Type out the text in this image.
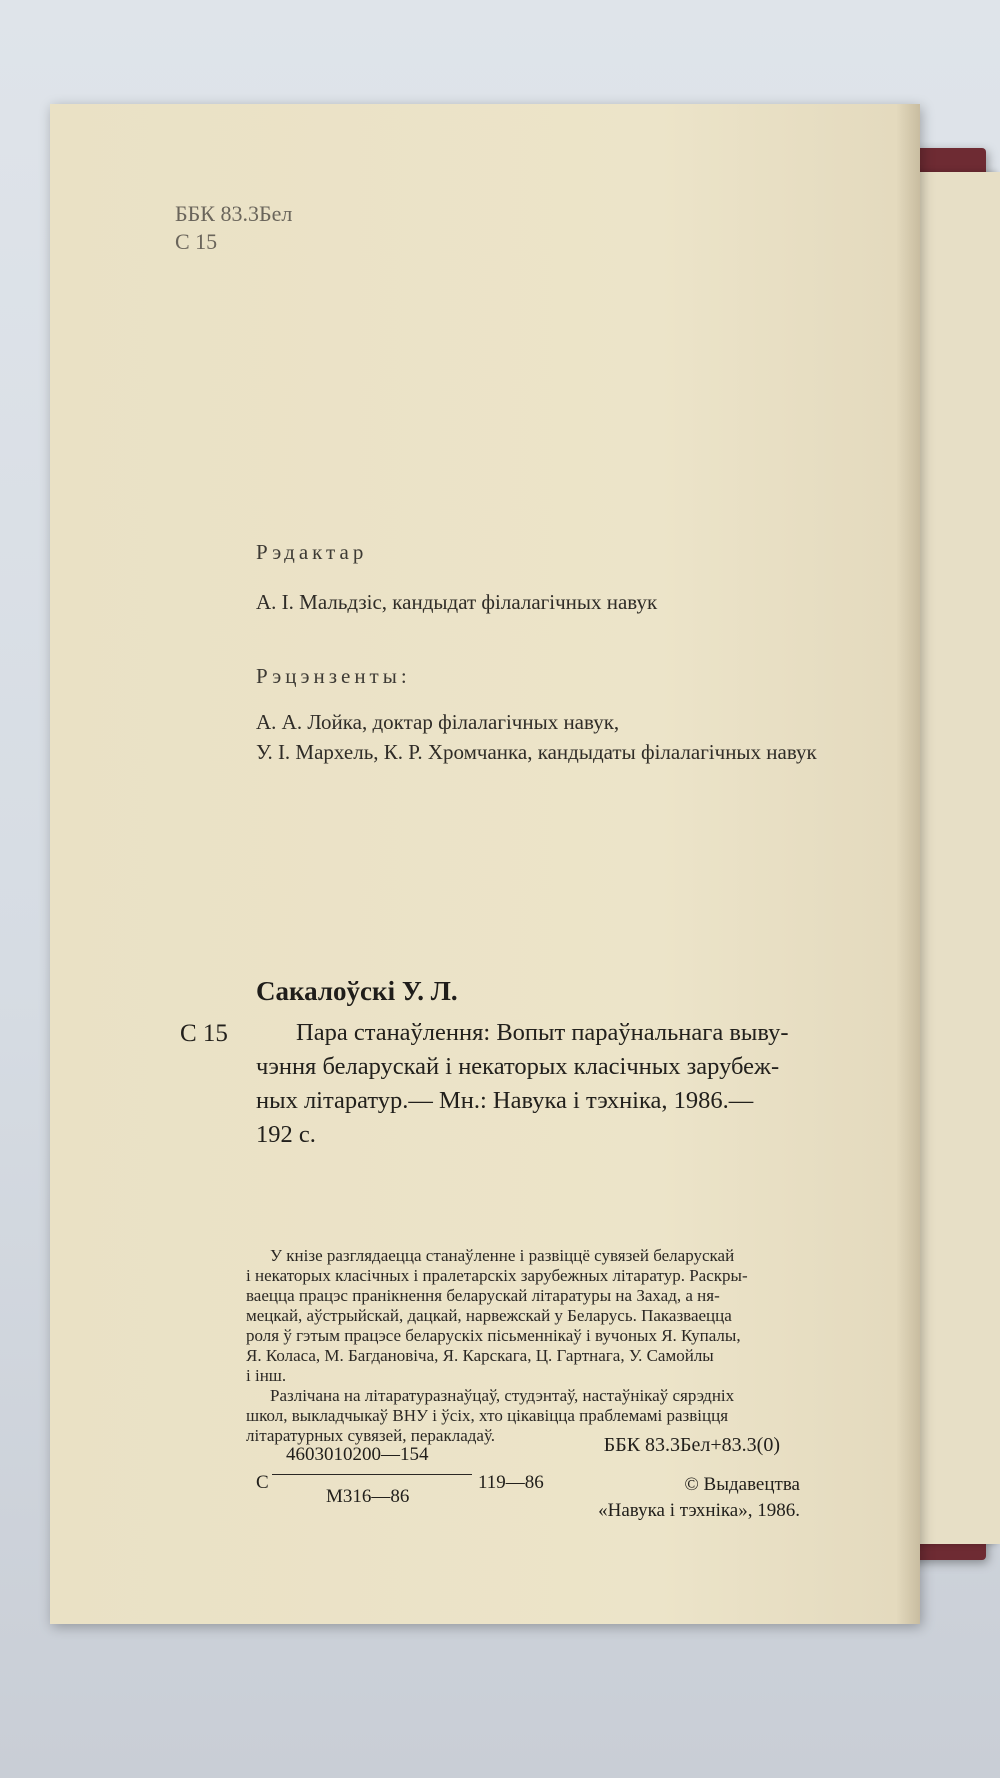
ББК 83.3Бел
С 15
Рэдактар
А. І. Мальдзіс, кандыдат філалагічных навук
Рэцэнзенты:
А. А. Лойка, доктар філалагічных навук,
У. І. Мархель, К. Р. Хромчанка, кандыдаты філалагічных навук
Сакалоўскі У. Л.
С 15	Пара станаўлення: Вопыт параўнальнага выву-
чэння беларускай і некаторых класічных зарубеж-
ных літаратур.— Мн.: Навука і тэхніка, 1986.—
192 с.
У кнізе разглядаецца станаўленне і развіццё сувязей беларускай
і некаторых класічных і пралетарскіх зарубежных літаратур. Раскры-
ваецца працэс пранікнення беларускай літаратуры на Захад, а ня-
мецкай, аўстрыйскай, дацкай, нарвежскай у Беларусь. Паказваецца
роля ў гэтым працэсе беларускіх пісьменнікаў і вучоных Я. Купалы,
Я. Коласа, М. Багдановіча, Я. Карскага, Ц. Гартнага, У. Самойлы
і інш.
Разлічана на літаратуразнаўцаў, студэнтаў, настаўнікаў сярэдніх
школ, выкладчыкаў ВНУ і ўсіх, хто цікавіцца праблемамі развіцця
літаратурных сувязей, перакладаў.
С
4603010200—154
М316—86
119—86
ББК 83.3Бел+83.3(0)
© Выдавецтва
«Навука і тэхніка», 1986.
